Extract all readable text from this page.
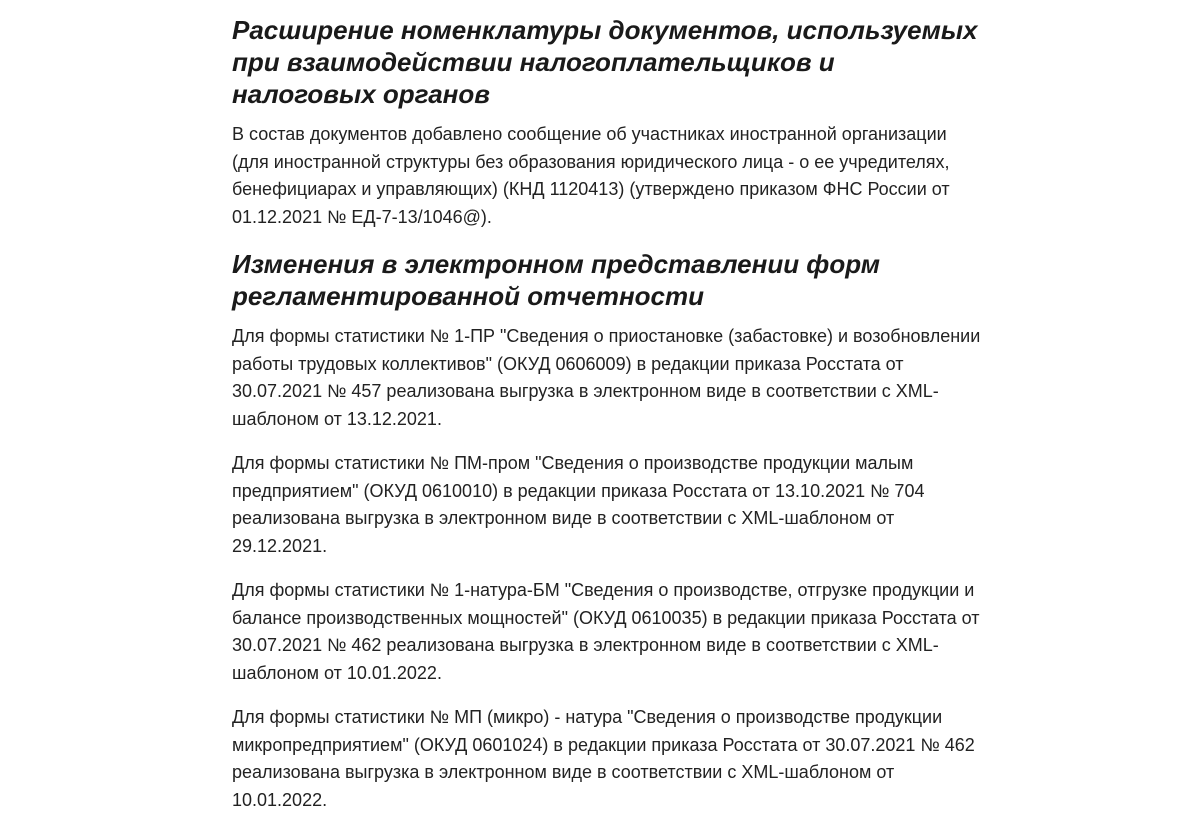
Расширение номенклатуры документов, используемых при взаимодействии налогоплательщиков и налоговых органов

В состав документов добавлено сообщение об участниках иностранной организации (для иностранной структуры без образования юридического лица - о ее учредителях, бенефициарах и управляющих) (КНД 1120413) (утверждено приказом ФНС России от 01.12.2021 № ЕД-7-13/1046@).

Изменения в электронном представлении форм регламентированной отчетности

Для формы статистики № 1-ПР "Сведения о приостановке (забастовке) и возобновлении работы трудовых коллективов" (ОКУД 0606009) в редакции приказа Росстата от 30.07.2021 № 457 реализована выгрузка в электронном виде в соответствии с XML-шаблоном от 13.12.2021.

Для формы статистики № ПМ-пром "Сведения о производстве продукции малым предприятием" (ОКУД 0610010) в редакции приказа Росстата от 13.10.2021 № 704 реализована выгрузка в электронном виде в соответствии с XML-шаблоном от 29.12.2021.

Для формы статистики № 1-натура-БМ "Сведения о производстве, отгрузке продукции и балансе производственных мощностей" (ОКУД 0610035) в редакции приказа Росстата от 30.07.2021 № 462 реализована выгрузка в электронном виде в соответствии с XML-шаблоном от 10.01.2022.

Для формы статистики № МП (микро) - натура "Сведения о производстве продукции микропредприятием" (ОКУД 0601024) в редакции приказа Росстата от 30.07.2021 № 462 реализована выгрузка в электронном виде в соответствии с XML-шаблоном от 10.01.2022.
